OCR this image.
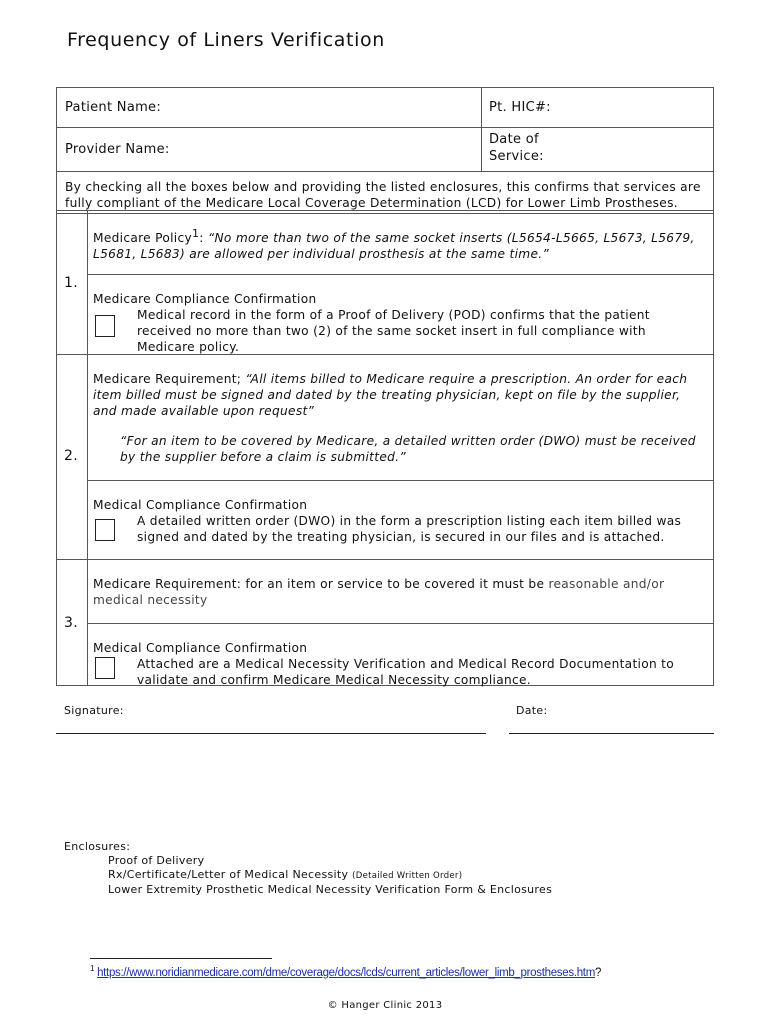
Frequency of Liners Verification
Patient Name:	Pt. HIC#:
Provider Name:
Date of
Service:
By checking all the boxes below and providing the listed enclosures, this confirms that services are fully compliant of the Medicare Local Coverage Determination (LCD) for Lower Limb Prostheses.
1.
Medicare Policy$^1$: “No more than two of the same socket inserts (L5654-L5665, L5673, L5679, L5681, L5683) are allowed per individual prosthesis at the same time.”
Medicare Compliance Confirmation
Medical record in the form of a Proof of Delivery (POD) confirms that the patient received no more than two (2) of the same socket insert in full compliance with Medicare policy.
2.
Medicare Requirement; “All items billed to Medicare require a prescription. An order for each item billed must be signed and dated by the treating physician, kept on file by the supplier, and made available upon request”
“For an item to be covered by Medicare, a detailed written order (DWO) must be received by the supplier before a claim is submitted.”
Medical Compliance Confirmation
A detailed written order (DWO) in the form a prescription listing each item billed was signed and dated by the treating physician, is secured in our files and is attached.
3.
Medicare Requirement: for an item or service to be covered it must be reasonable and/or medical necessity
Medical Compliance Confirmation
Attached are a Medical Necessity Verification and Medical Record Documentation to validate and confirm Medicare Medical Necessity compliance.
Signature:	Date:
Enclosures:
Proof of Delivery
Rx/Certificate/Letter of Medical Necessity (Detailed Written Order)
Lower Extremity Prosthetic Medical Necessity Verification Form & Enclosures
$^1$ https://www.noridianmedicare.com/dme/coverage/docs/lcds/current_articles/lower_limb_prostheses.htm?
© Hanger Clinic 2013
